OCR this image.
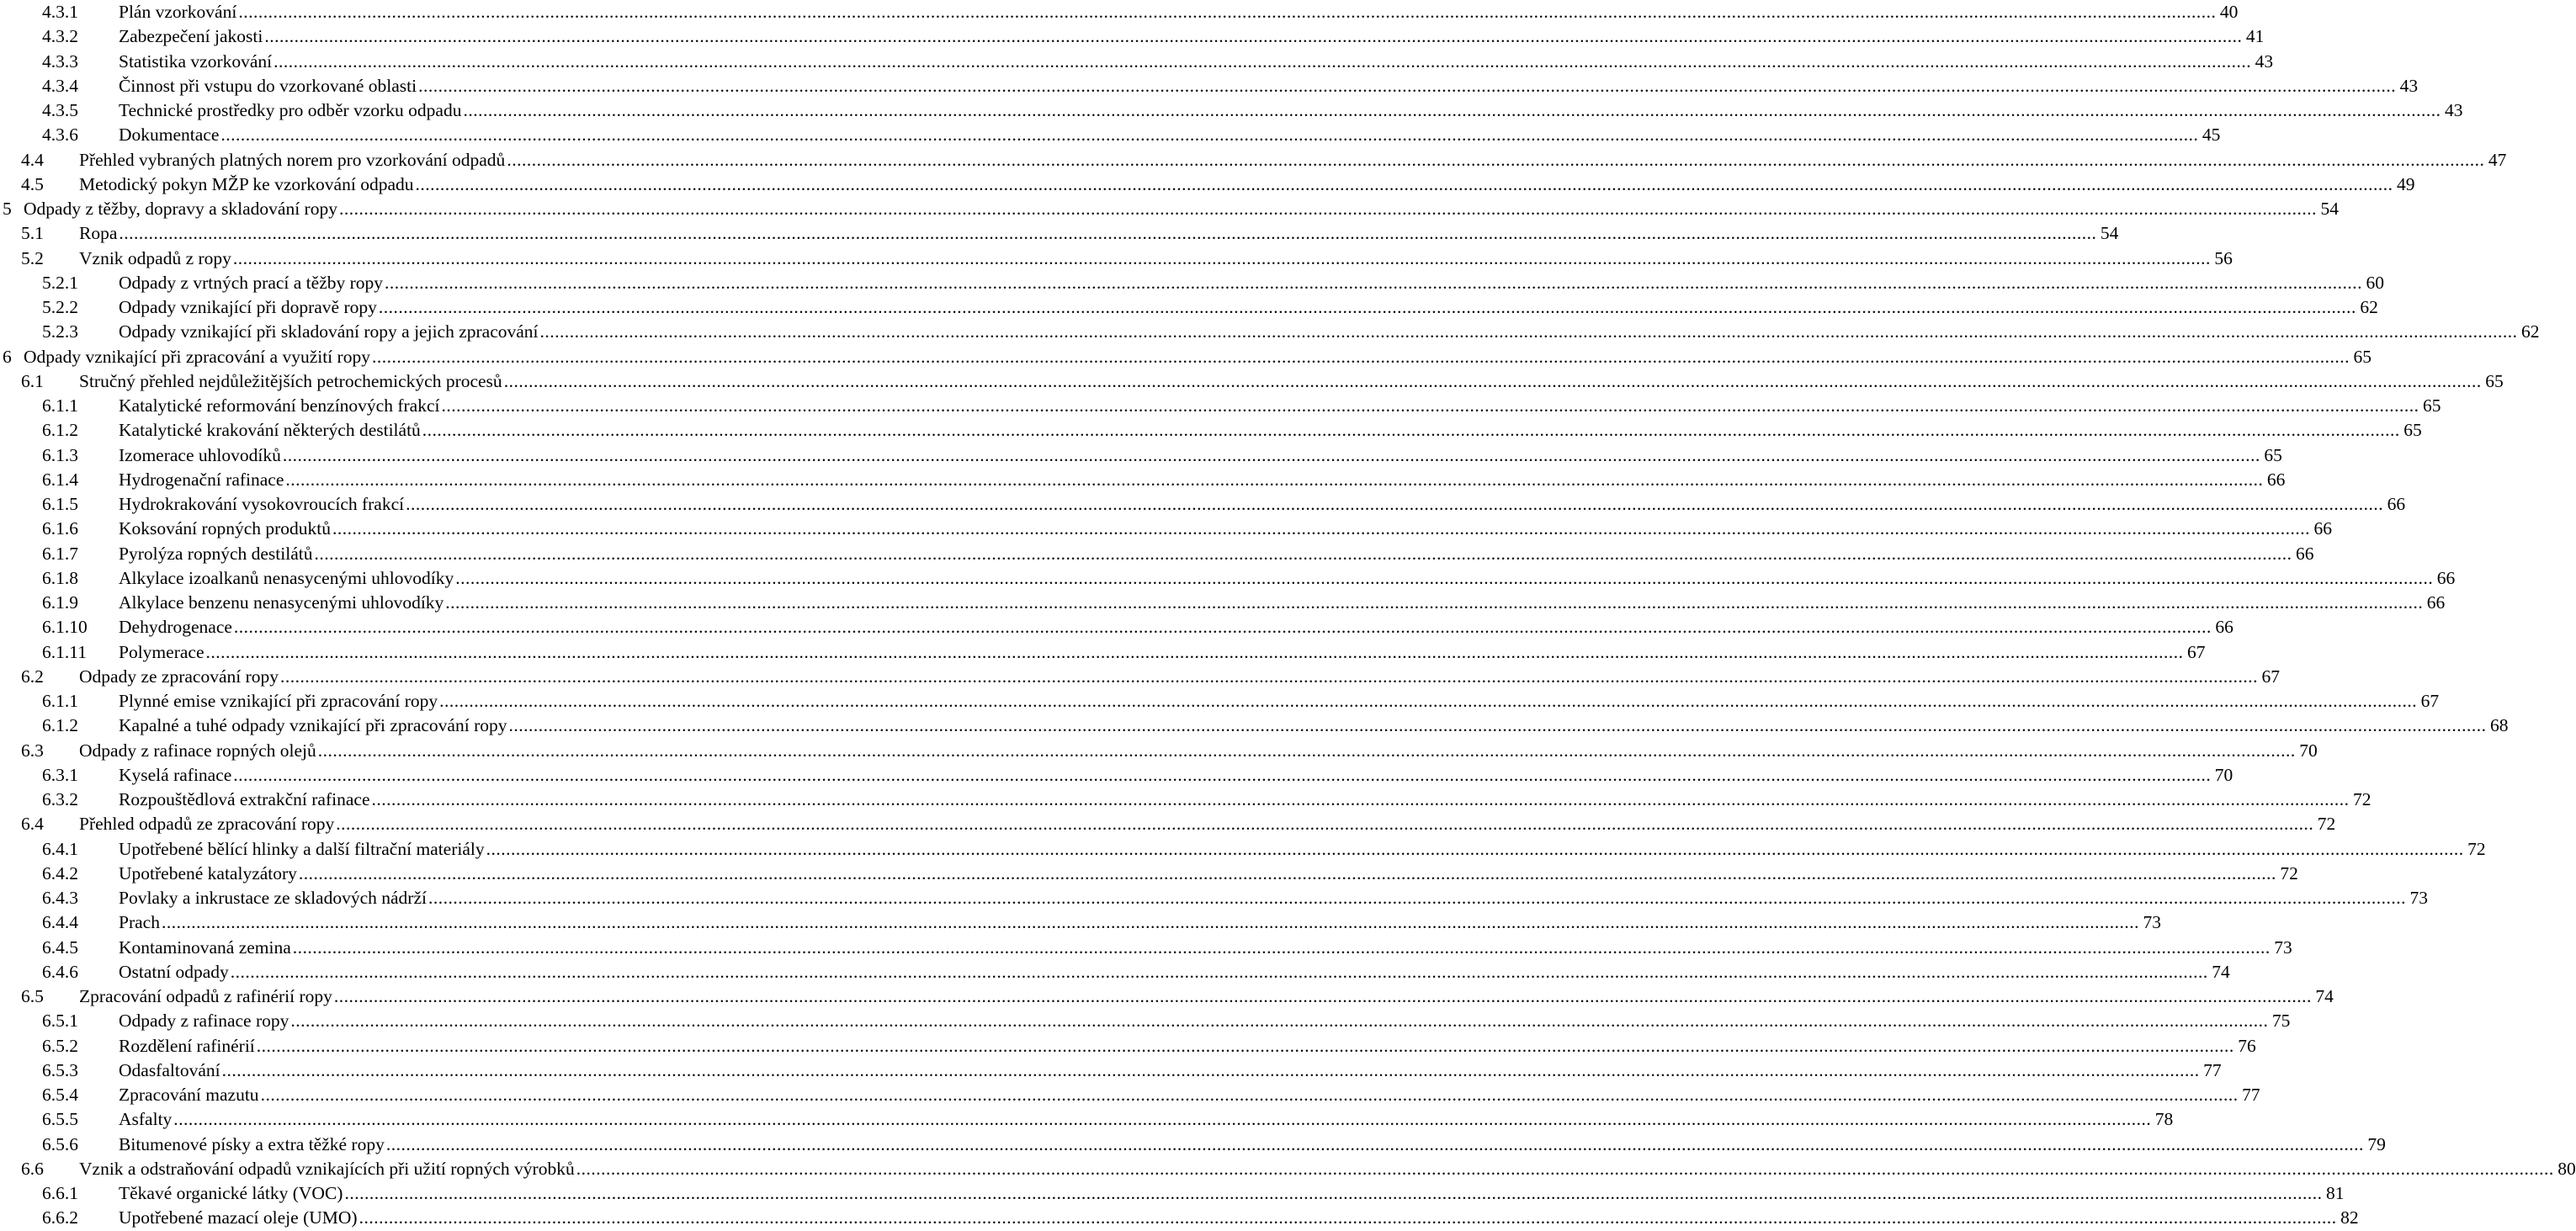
4.3.1 Plán vzorkování ................................................................................................................................................................................................................................................................................................................................................................................................................ 40
4.3.2 Zabezpečení jakosti ................................................................................................................................................................................................................................................................................................................................................................................................................ 41
4.3.3 Statistika vzorkování ................................................................................................................................................................................................................................................................................................................................................................................................................ 43
4.3.4 Činnost při vstupu do vzorkované oblasti ................................................................................................................................................................................................................................................................................................................................................................................................................ 43
4.3.5 Technické prostředky pro odběr vzorku odpadu ................................................................................................................................................................................................................................................................................................................................................................................................................ 43
4.3.6 Dokumentace ................................................................................................................................................................................................................................................................................................................................................................................................................ 45
4.4 Přehled vybraných platných norem pro vzorkování odpadů ................................................................................................................................................................................................................................................................................................................................................................................................................ 47
4.5 Metodický pokyn MŽP ke vzorkování odpadu ................................................................................................................................................................................................................................................................................................................................................................................................................ 49
5 Odpady z těžby, dopravy a skladování ropy ................................................................................................................................................................................................................................................................................................................................................................................................................ 54
5.1 Ropa ................................................................................................................................................................................................................................................................................................................................................................................................................ 54
5.2 Vznik odpadů z ropy ................................................................................................................................................................................................................................................................................................................................................................................................................ 56
5.2.1 Odpady z vrtných prací a těžby ropy ................................................................................................................................................................................................................................................................................................................................................................................................................ 60
5.2.2 Odpady vznikající při dopravě ropy ................................................................................................................................................................................................................................................................................................................................................................................................................ 62
5.2.3 Odpady vznikající při skladování ropy a jejich zpracování ................................................................................................................................................................................................................................................................................................................................................................................................................ 62
6 Odpady vznikající při zpracování a využití ropy ................................................................................................................................................................................................................................................................................................................................................................................................................ 65
6.1 Stručný přehled nejdůležitějších petrochemických procesů ................................................................................................................................................................................................................................................................................................................................................................................................................ 65
6.1.1 Katalytické reformování benzínových frakcí ................................................................................................................................................................................................................................................................................................................................................................................................................ 65
6.1.2 Katalytické krakování některých destilátů ................................................................................................................................................................................................................................................................................................................................................................................................................ 65
6.1.3 Izomerace uhlovodíků ................................................................................................................................................................................................................................................................................................................................................................................................................ 65
6.1.4 Hydrogenační rafinace ................................................................................................................................................................................................................................................................................................................................................................................................................ 66
6.1.5 Hydrokrakování vysokovroucích frakcí ................................................................................................................................................................................................................................................................................................................................................................................................................ 66
6.1.6 Koksování ropných produktů ................................................................................................................................................................................................................................................................................................................................................................................................................ 66
6.1.7 Pyrolýza ropných destilátů ................................................................................................................................................................................................................................................................................................................................................................................................................ 66
6.1.8 Alkylace izoalkanů nenasycenými uhlovodíky ................................................................................................................................................................................................................................................................................................................................................................................................................ 66
6.1.9 Alkylace benzenu nenasycenými uhlovodíky ................................................................................................................................................................................................................................................................................................................................................................................................................ 66
6.1.10 Dehydrogenace ................................................................................................................................................................................................................................................................................................................................................................................................................ 66
6.1.11 Polymerace ................................................................................................................................................................................................................................................................................................................................................................................................................ 67
6.2 Odpady ze zpracování ropy ................................................................................................................................................................................................................................................................................................................................................................................................................ 67
6.1.1 Plynné emise vznikající při zpracování ropy ................................................................................................................................................................................................................................................................................................................................................................................................................ 67
6.1.2 Kapalné a tuhé odpady vznikající při zpracování ropy ................................................................................................................................................................................................................................................................................................................................................................................................................ 68
6.3 Odpady z rafinace ropných olejů ................................................................................................................................................................................................................................................................................................................................................................................................................ 70
6.3.1 Kyselá rafinace ................................................................................................................................................................................................................................................................................................................................................................................................................ 70
6.3.2 Rozpouštědlová extrakční rafinace ................................................................................................................................................................................................................................................................................................................................................................................................................ 72
6.4 Přehled odpadů ze zpracování ropy ................................................................................................................................................................................................................................................................................................................................................................................................................ 72
6.4.1 Upotřebené bělící hlinky a další filtrační materiály ................................................................................................................................................................................................................................................................................................................................................................................................................ 72
6.4.2 Upotřebené katalyzátory ................................................................................................................................................................................................................................................................................................................................................................................................................ 72
6.4.3 Povlaky a inkrustace ze skladových nádrží ................................................................................................................................................................................................................................................................................................................................................................................................................ 73
6.4.4 Prach ................................................................................................................................................................................................................................................................................................................................................................................................................ 73
6.4.5 Kontaminovaná zemina ................................................................................................................................................................................................................................................................................................................................................................................................................ 73
6.4.6 Ostatní odpady ................................................................................................................................................................................................................................................................................................................................................................................................................ 74
6.5 Zpracování odpadů z rafinérií ropy ................................................................................................................................................................................................................................................................................................................................................................................................................ 74
6.5.1 Odpady z rafinace ropy ................................................................................................................................................................................................................................................................................................................................................................................................................ 75
6.5.2 Rozdělení rafinérií ................................................................................................................................................................................................................................................................................................................................................................................................................ 76
6.5.3 Odasfaltování ................................................................................................................................................................................................................................................................................................................................................................................................................ 77
6.5.4 Zpracování mazutu ................................................................................................................................................................................................................................................................................................................................................................................................................ 77
6.5.5 Asfalty ................................................................................................................................................................................................................................................................................................................................................................................................................ 78
6.5.6 Bitumenové písky a extra těžké ropy ................................................................................................................................................................................................................................................................................................................................................................................................................ 79
6.6 Vznik a odstraňování odpadů vznikajících při užití ropných výrobků ................................................................................................................................................................................................................................................................................................................................................................................................................ 80
6.6.1 Těkavé organické látky (VOC) ................................................................................................................................................................................................................................................................................................................................................................................................................ 81
6.6.2 Upotřebené mazací oleje (UMO) ................................................................................................................................................................................................................................................................................................................................................................................................................ 82
